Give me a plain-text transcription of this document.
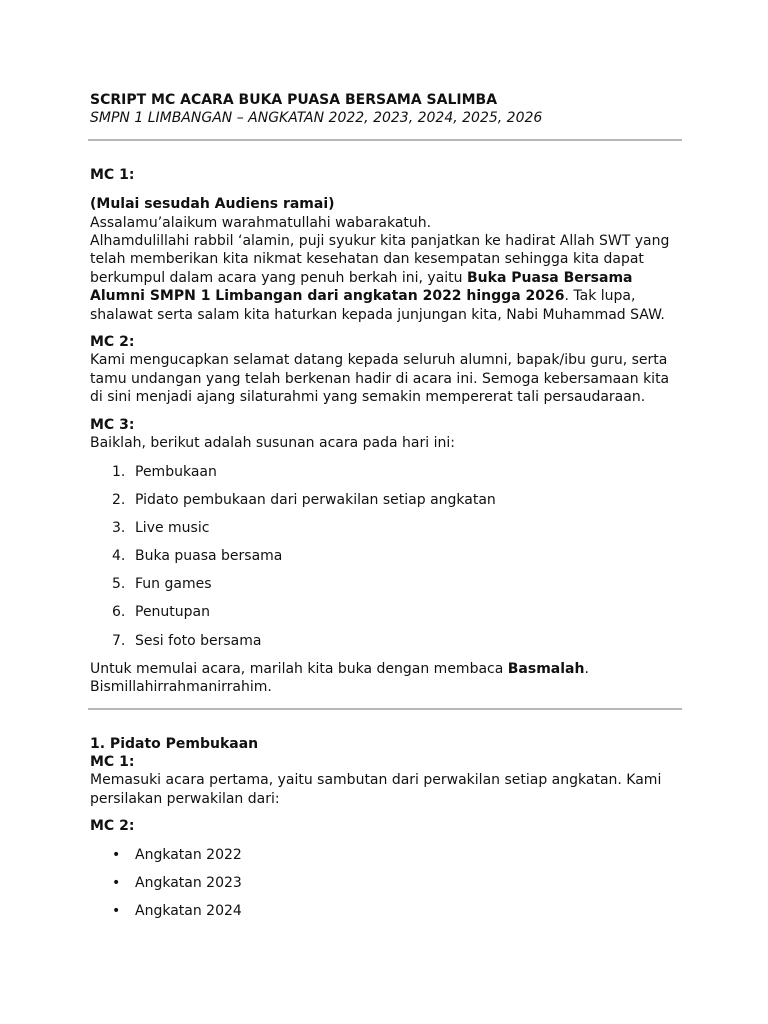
SCRIPT MC ACARA BUKA PUASA BERSAMA SALIMBA

SMPN 1 LIMBANGAN – ANGKATAN 2022, 2023, 2024, 2025, 2026

MC 1:

(Mulai sesudah Audiens ramai)

Assalamu’alaikum warahmatullahi wabarakatuh.

Alhamdulillahi rabbil ‘alamin, puji syukur kita panjatkan ke hadirat Allah SWT yang telah memberikan kita nikmat kesehatan dan kesempatan sehingga kita dapat berkumpul dalam acara yang penuh berkah ini, yaitu Buka Puasa Bersama Alumni SMPN 1 Limbangan dari angkatan 2022 hingga 2026. Tak lupa, shalawat serta salam kita haturkan kepada junjungan kita, Nabi Muhammad SAW.

MC 2:

Kami mengucapkan selamat datang kepada seluruh alumni, bapak/ibu guru, serta tamu undangan yang telah berkenan hadir di acara ini. Semoga kebersamaan kita di sini menjadi ajang silaturahmi yang semakin mempererat tali persaudaraan.

MC 3:

Baiklah, berikut adalah susunan acara pada hari ini:

1. Pembukaan
2. Pidato pembukaan dari perwakilan setiap angkatan
3. Live music
4. Buka puasa bersama
5. Fun games
6. Penutupan
7. Sesi foto bersama

Untuk memulai acara, marilah kita buka dengan membaca Basmalah.

Bismillahirrahmanirrahim.

1. Pidato Pembukaan

MC 1:

Memasuki acara pertama, yaitu sambutan dari perwakilan setiap angkatan. Kami persilakan perwakilan dari:

MC 2:

• Angkatan 2022
• Angkatan 2023
• Angkatan 2024
